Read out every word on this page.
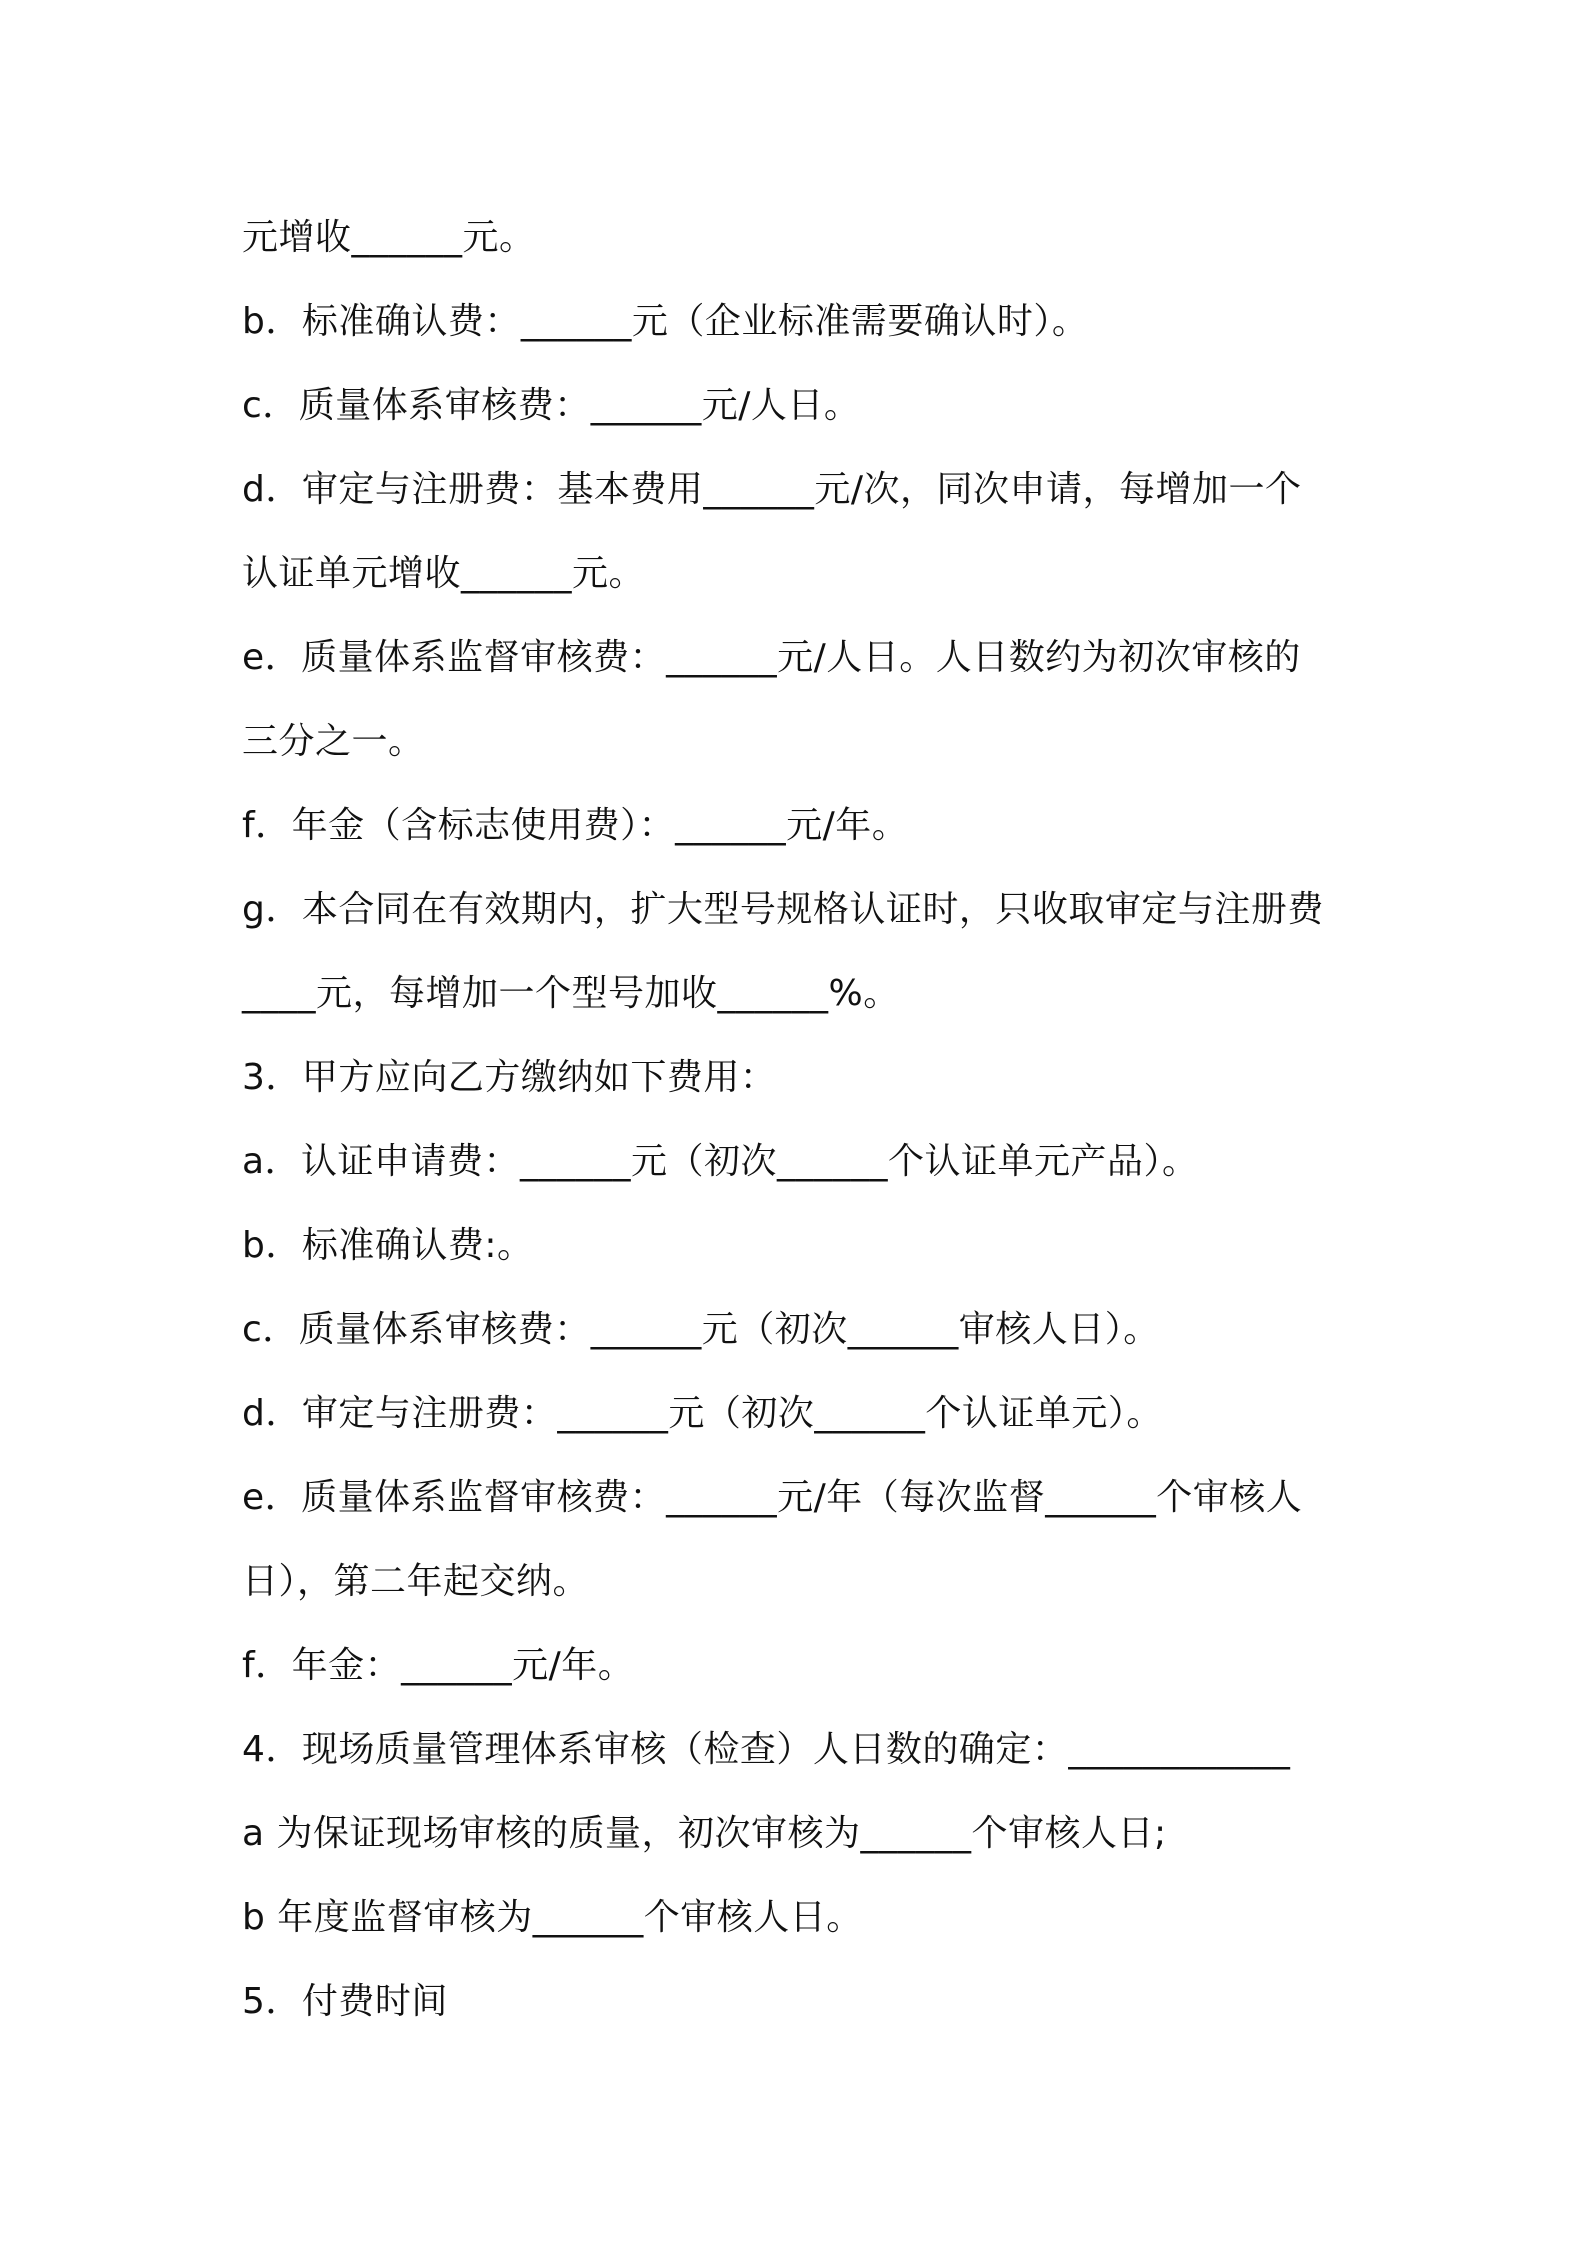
元增收______元。

b．标准确认费：______元（企业标准需要确认时）。

c．质量体系审核费：______元/人日。

d．审定与注册费：基本费用______元/次，同次申请，每增加一个

认证单元增收______元。

e．质量体系监督审核费：______元/人日。人日数约为初次审核的

三分之一。

f．年金（含标志使用费）：______元/年。

g．本合同在有效期内，扩大型号规格认证时，只收取审定与注册费

____元，每增加一个型号加收______%。

3．甲方应向乙方缴纳如下费用：

a．认证申请费：______元（初次______个认证单元产品）。

b．标准确认费:。

c．质量体系审核费：______元（初次______审核人日）。

d．审定与注册费：______元（初次______个认证单元）。

e．质量体系监督审核费：______元/年（每次监督______个审核人

日），第二年起交纳。

f．年金：______元/年。

4．现场质量管理体系审核（检查）人日数的确定：____________

a 为保证现场审核的质量，初次审核为______个审核人日;

b 年度监督审核为______个审核人日。

5．付费时间
